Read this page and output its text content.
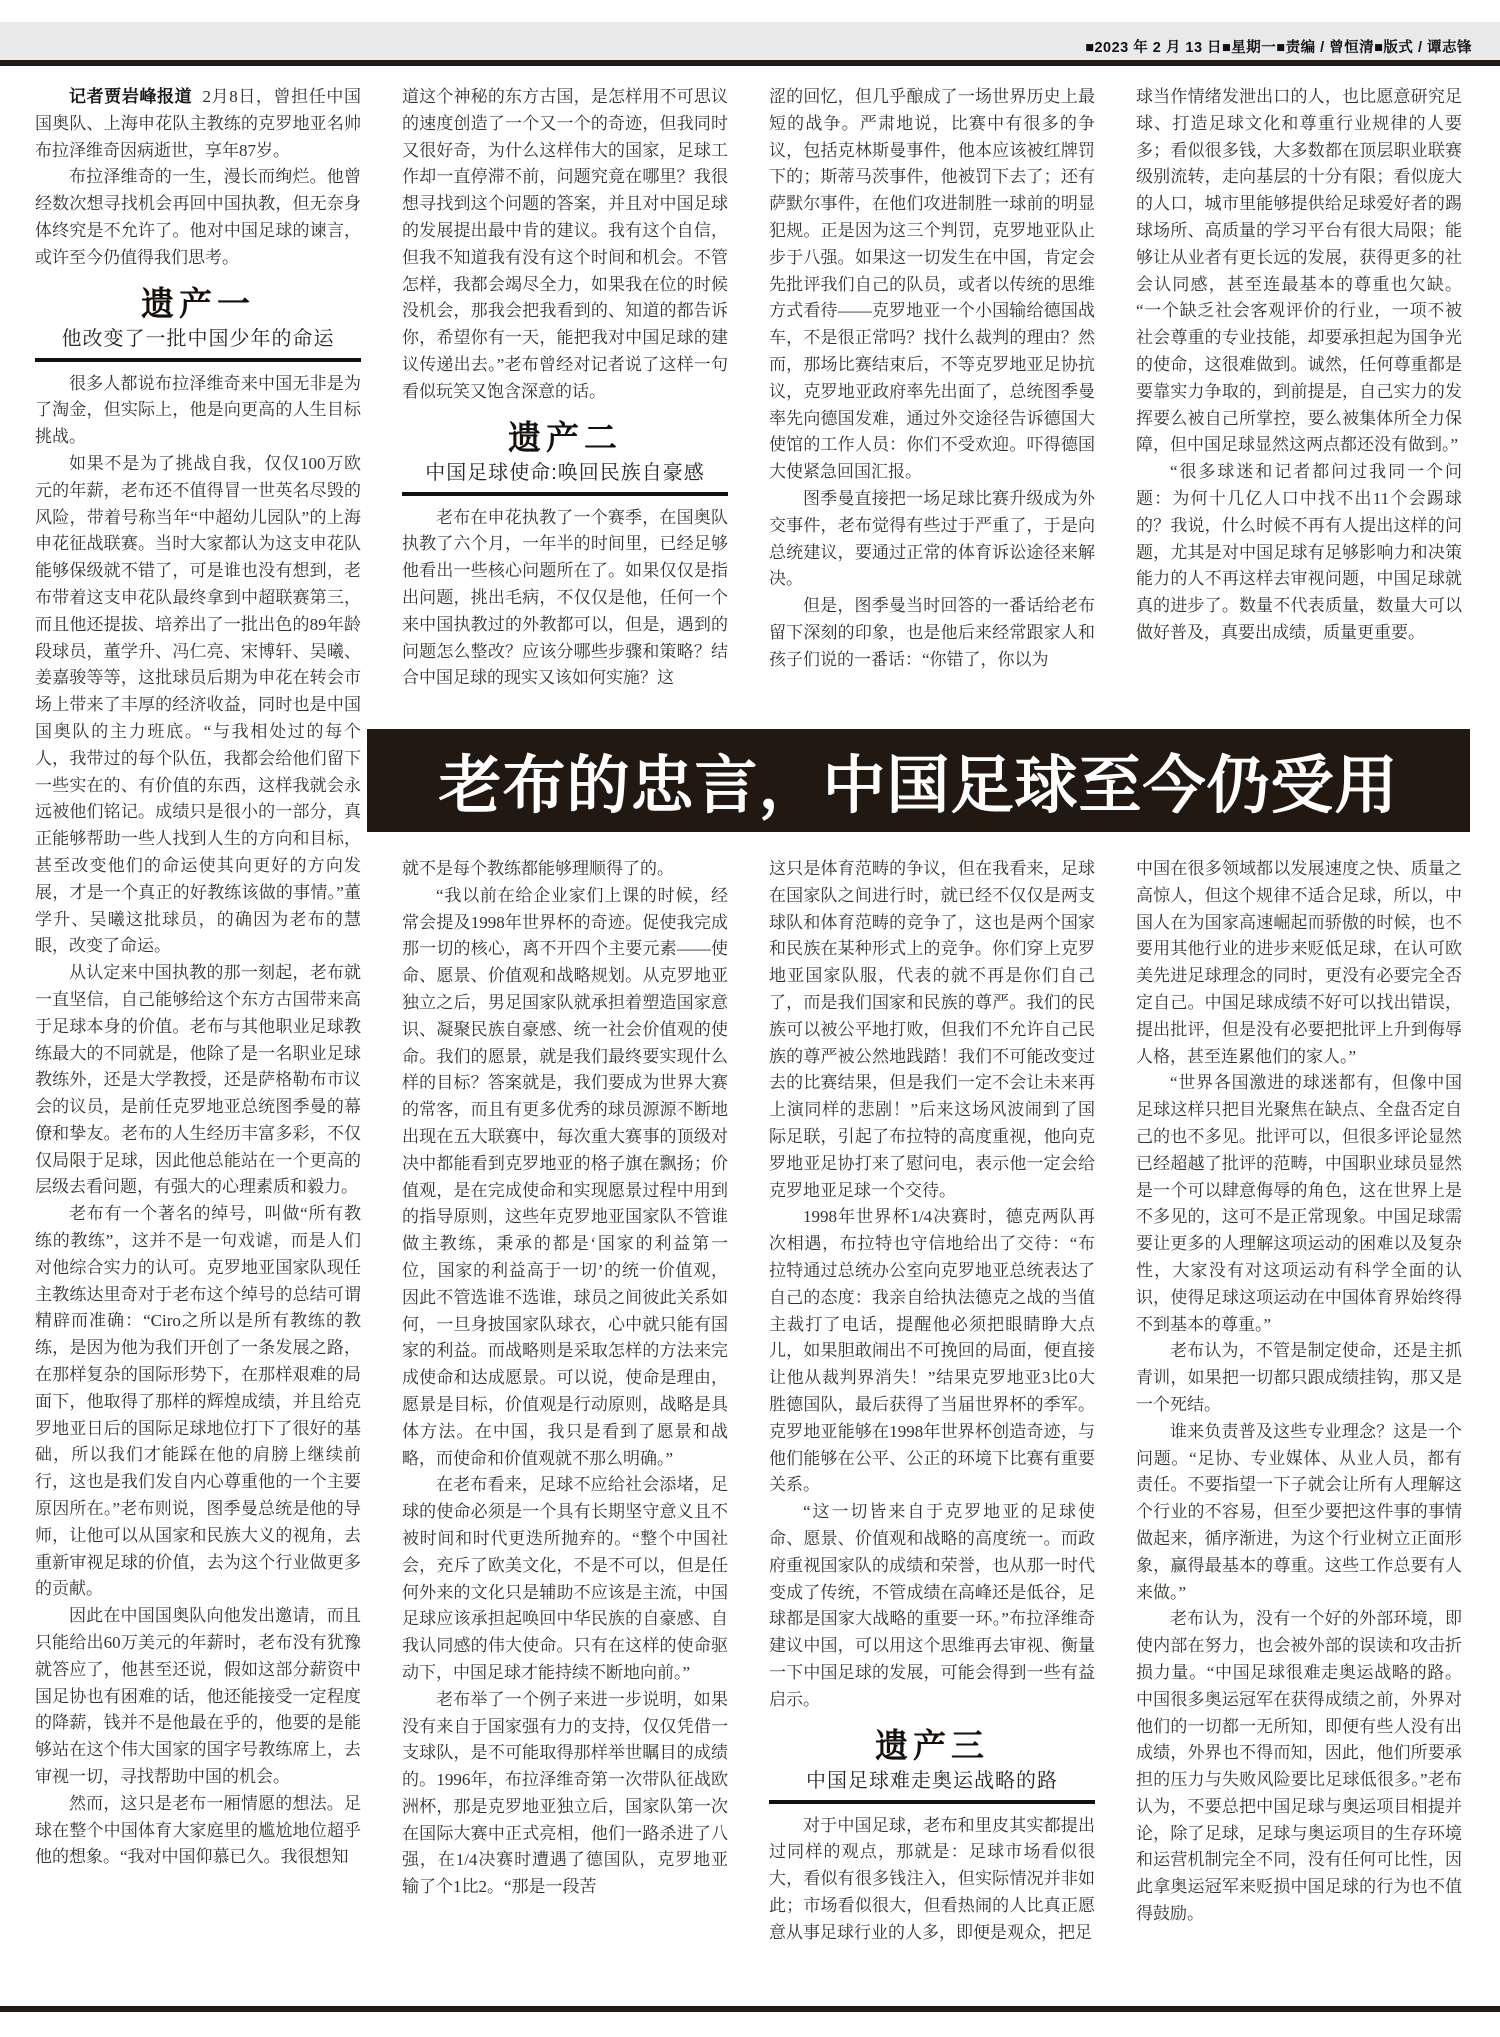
■2023 年 2 月 13 日■星期一■责编 / 曾恒清■版式 / 谭志锋

记者贾岩峰报道 2月8日，曾担任中国国奥队、上海申花队主教练的克罗地亚名帅布拉泽维奇因病逝世，享年87岁。

布拉泽维奇的一生，漫长而绚烂。他曾经数次想寻找机会再回中国执教，但无奈身体终究是不允许了。他对中国足球的谏言，或许至今仍值得我们思考。

遗产一
他改变了一批中国少年的命运

很多人都说布拉泽维奇来中国无非是为了淘金，但实际上，他是向更高的人生目标挑战。

如果不是为了挑战自我，仅仅100万欧元的年薪，老布还不值得冒一世英名尽毁的风险，带着号称当年“中超幼儿园队”的上海申花征战联赛。当时大家都认为这支申花队能够保级就不错了，可是谁也没有想到，老布带着这支申花队最终拿到中超联赛第三，而且他还提拔、培养出了一批出色的89年龄段球员，董学升、冯仁亮、宋博轩、吴曦、姜嘉骏等等，这批球员后期为申花在转会市场上带来了丰厚的经济收益，同时也是中国国奥队的主力班底。“与我相处过的每个人，我带过的每个队伍，我都会给他们留下一些实在的、有价值的东西，这样我就会永远被他们铭记。成绩只是很小的一部分，真正能够帮助一些人找到人生的方向和目标，甚至改变他们的命运使其向更好的方向发展，才是一个真正的好教练该做的事情。”董学升、吴曦这批球员，的确因为老布的慧眼，改变了命运。

从认定来中国执教的那一刻起，老布就一直坚信，自己能够给这个东方古国带来高于足球本身的价值。老布与其他职业足球教练最大的不同就是，他除了是一名职业足球教练外，还是大学教授，还是萨格勒布市议会的议员，是前任克罗地亚总统图季曼的幕僚和挚友。老布的人生经历丰富多彩，不仅仅局限于足球，因此他总能站在一个更高的层级去看问题，有强大的心理素质和毅力。

老布有一个著名的绰号，叫做“所有教练的教练”，这并不是一句戏谑，而是人们对他综合实力的认可。克罗地亚国家队现任主教练达里奇对于老布这个绰号的总结可谓精辟而准确：“Ciro之所以是所有教练的教练，是因为他为我们开创了一条发展之路，在那样复杂的国际形势下，在那样艰难的局面下，他取得了那样的辉煌成绩，并且给克罗地亚日后的国际足球地位打下了很好的基础，所以我们才能踩在他的肩膀上继续前行，这也是我们发自内心尊重他的一个主要原因所在。”老布则说，图季曼总统是他的导师，让他可以从国家和民族大义的视角，去重新审视足球的价值，去为这个行业做更多的贡献。

因此在中国国奥队向他发出邀请，而且只能给出60万美元的年薪时，老布没有犹豫就答应了，他甚至还说，假如这部分薪资中国足协也有困难的话，他还能接受一定程度的降薪，钱并不是他最在乎的，他要的是能够站在这个伟大国家的国字号教练席上，去审视一切，寻找帮助中国的机会。

然而，这只是老布一厢情愿的想法。足球在整个中国体育大家庭里的尴尬地位超乎他的想象。“我对中国仰慕已久。我很想知

道这个神秘的东方古国，是怎样用不可思议的速度创造了一个又一个的奇迹，但我同时又很好奇，为什么这样伟大的国家，足球工作却一直停滞不前，问题究竟在哪里？我很想寻找到这个问题的答案，并且对中国足球的发展提出最中肯的建议。我有这个自信，但我不知道我有没有这个时间和机会。不管怎样，我都会竭尽全力，如果我在位的时候没机会，那我会把我看到的、知道的都告诉你，希望你有一天，能把我对中国足球的建议传递出去。”老布曾经对记者说了这样一句看似玩笑又饱含深意的话。

遗产二
中国足球使命:唤回民族自豪感

老布在申花执教了一个赛季，在国奥队执教了六个月，一年半的时间里，已经足够他看出一些核心问题所在了。如果仅仅是指出问题，挑出毛病，不仅仅是他，任何一个来中国执教过的外教都可以，但是，遇到的问题怎么整改？应该分哪些步骤和策略？结合中国足球的现实又该如何实施？这

涩的回忆，但几乎酿成了一场世界历史上最短的战争。严肃地说，比赛中有很多的争议，包括克林斯曼事件，他本应该被红牌罚下的；斯蒂马茨事件，他被罚下去了；还有萨默尔事件，在他们攻进制胜一球前的明显犯规。正是因为这三个判罚，克罗地亚队止步于八强。如果这一切发生在中国，肯定会先批评我们自己的队员，或者以传统的思维方式看待——克罗地亚一个小国输给德国战车，不是很正常吗？找什么裁判的理由？然而，那场比赛结束后，不等克罗地亚足协抗议，克罗地亚政府率先出面了，总统图季曼率先向德国发难，通过外交途径告诉德国大使馆的工作人员：你们不受欢迎。吓得德国大使紧急回国汇报。

图季曼直接把一场足球比赛升级成为外交事件，老布觉得有些过于严重了，于是向总统建议，要通过正常的体育诉讼途径来解决。

但是，图季曼当时回答的一番话给老布留下深刻的印象，也是他后来经常跟家人和孩子们说的一番话：“你错了，你以为

球当作情绪发泄出口的人，也比愿意研究足球、打造足球文化和尊重行业规律的人要多；看似很多钱，大多数都在顶层职业联赛级别流转，走向基层的十分有限；看似庞大的人口，城市里能够提供给足球爱好者的踢球场所、高质量的学习平台有很大局限；能够让从业者有更长远的发展，获得更多的社会认同感，甚至连最基本的尊重也欠缺。“一个缺乏社会客观评价的行业，一项不被社会尊重的专业技能，却要承担起为国争光的使命，这很难做到。诚然，任何尊重都是要靠实力争取的，到前提是，自己实力的发挥要么被自己所掌控，要么被集体所全力保障，但中国足球显然这两点都还没有做到。”

“很多球迷和记者都问过我同一个问题：为何十几亿人口中找不出11个会踢球的？我说，什么时候不再有人提出这样的问题，尤其是对中国足球有足够影响力和决策能力的人不再这样去审视问题，中国足球就真的进步了。数量不代表质量，数量大可以做好普及，真要出成绩，质量更重要。

老布的忠言，中国足球至今仍受用

就不是每个教练都能够理顺得了的。

“我以前在给企业家们上课的时候，经常会提及1998年世界杯的奇迹。促使我完成那一切的核心，离不开四个主要元素——使命、愿景、价值观和战略规划。从克罗地亚独立之后，男足国家队就承担着塑造国家意识、凝聚民族自豪感、统一社会价值观的使命。我们的愿景，就是我们最终要实现什么样的目标？答案就是，我们要成为世界大赛的常客，而且有更多优秀的球员源源不断地出现在五大联赛中，每次重大赛事的顶级对决中都能看到克罗地亚的格子旗在飘扬；价值观，是在完成使命和实现愿景过程中用到的指导原则，这些年克罗地亚国家队不管谁做主教练，秉承的都是‘国家的利益第一位，国家的利益高于一切’的统一价值观，因此不管选谁不选谁，球员之间彼此关系如何，一旦身披国家队球衣，心中就只能有国家的利益。而战略则是采取怎样的方法来完成使命和达成愿景。可以说，使命是理由，愿景是目标，价值观是行动原则，战略是具体方法。在中国，我只是看到了愿景和战略，而使命和价值观就不那么明确。”

在老布看来，足球不应给社会添堵，足球的使命必须是一个具有长期坚守意义且不被时间和时代更迭所抛弃的。“整个中国社会，充斥了欧美文化，不是不可以，但是任何外来的文化只是辅助不应该是主流，中国足球应该承担起唤回中华民族的自豪感、自我认同感的伟大使命。只有在这样的使命驱动下，中国足球才能持续不断地向前。”

老布举了一个例子来进一步说明，如果没有来自于国家强有力的支持，仅仅凭借一支球队，是不可能取得那样举世瞩目的成绩的。1996年，布拉泽维奇第一次带队征战欧洲杯，那是克罗地亚独立后，国家队第一次在国际大赛中正式亮相，他们一路杀进了八强，在1/4决赛时遭遇了德国队，克罗地亚输了个1比2。“那是一段苦

这只是体育范畴的争议，但在我看来，足球在国家队之间进行时，就已经不仅仅是两支球队和体育范畴的竞争了，这也是两个国家和民族在某种形式上的竞争。你们穿上克罗地亚国家队服，代表的就不再是你们自己了，而是我们国家和民族的尊严。我们的民族可以被公平地打败，但我们不允许自己民族的尊严被公然地践踏！我们不可能改变过去的比赛结果，但是我们一定不会让未来再上演同样的悲剧！”后来这场风波闹到了国际足联，引起了布拉特的高度重视，他向克罗地亚足协打来了慰问电，表示他一定会给克罗地亚足球一个交待。

1998年世界杯1/4决赛时，德克两队再次相遇，布拉特也守信地给出了交待：“布拉特通过总统办公室向克罗地亚总统表达了自己的态度：我亲自给执法德克之战的当值主裁打了电话，提醒他必须把眼睛睁大点儿，如果胆敢闹出不可挽回的局面，便直接让他从裁判界消失！”结果克罗地亚3比0大胜德国队，最后获得了当届世界杯的季军。克罗地亚能够在1998年世界杯创造奇迹，与他们能够在公平、公正的环境下比赛有重要关系。

“这一切皆来自于克罗地亚的足球使命、愿景、价值观和战略的高度统一。而政府重视国家队的成绩和荣誉，也从那一时代变成了传统，不管成绩在高峰还是低谷，足球都是国家大战略的重要一环。”布拉泽维奇建议中国，可以用这个思维再去审视、衡量一下中国足球的发展，可能会得到一些有益启示。

遗产三
中国足球难走奥运战略的路

对于中国足球，老布和里皮其实都提出过同样的观点，那就是：足球市场看似很大，看似有很多钱注入，但实际情况并非如此；市场看似很大，但看热闹的人比真正愿意从事足球行业的人多，即便是观众，把足

中国在很多领域都以发展速度之快、质量之高惊人，但这个规律不适合足球，所以，中国人在为国家高速崛起而骄傲的时候，也不要用其他行业的进步来贬低足球，在认可欧美先进足球理念的同时，更没有必要完全否定自己。中国足球成绩不好可以找出错误，提出批评，但是没有必要把批评上升到侮辱人格，甚至连累他们的家人。”

“世界各国激进的球迷都有，但像中国足球这样只把目光聚焦在缺点、全盘否定自己的也不多见。批评可以，但很多评论显然已经超越了批评的范畴，中国职业球员显然是一个可以肆意侮辱的角色，这在世界上是不多见的，这可不是正常现象。中国足球需要让更多的人理解这项运动的困难以及复杂性，大家没有对这项运动有科学全面的认识，使得足球这项运动在中国体育界始终得不到基本的尊重。”

老布认为，不管是制定使命，还是主抓青训，如果把一切都只跟成绩挂钩，那又是一个死结。

谁来负责普及这些专业理念？这是一个问题。“足协、专业媒体、从业人员，都有责任。不要指望一下子就会让所有人理解这个行业的不容易，但至少要把这件事的事情做起来，循序渐进，为这个行业树立正面形象，赢得最基本的尊重。这些工作总要有人来做。”

老布认为，没有一个好的外部环境，即使内部在努力，也会被外部的误读和攻击折损力量。“中国足球很难走奥运战略的路。中国很多奥运冠军在获得成绩之前，外界对他们的一切都一无所知，即便有些人没有出成绩，外界也不得而知，因此，他们所要承担的压力与失败风险要比足球低很多。”老布认为，不要总把中国足球与奥运项目相提并论，除了足球，足球与奥运项目的生存环境和运营机制完全不同，没有任何可比性，因此拿奥运冠军来贬损中国足球的行为也不值得鼓励。
